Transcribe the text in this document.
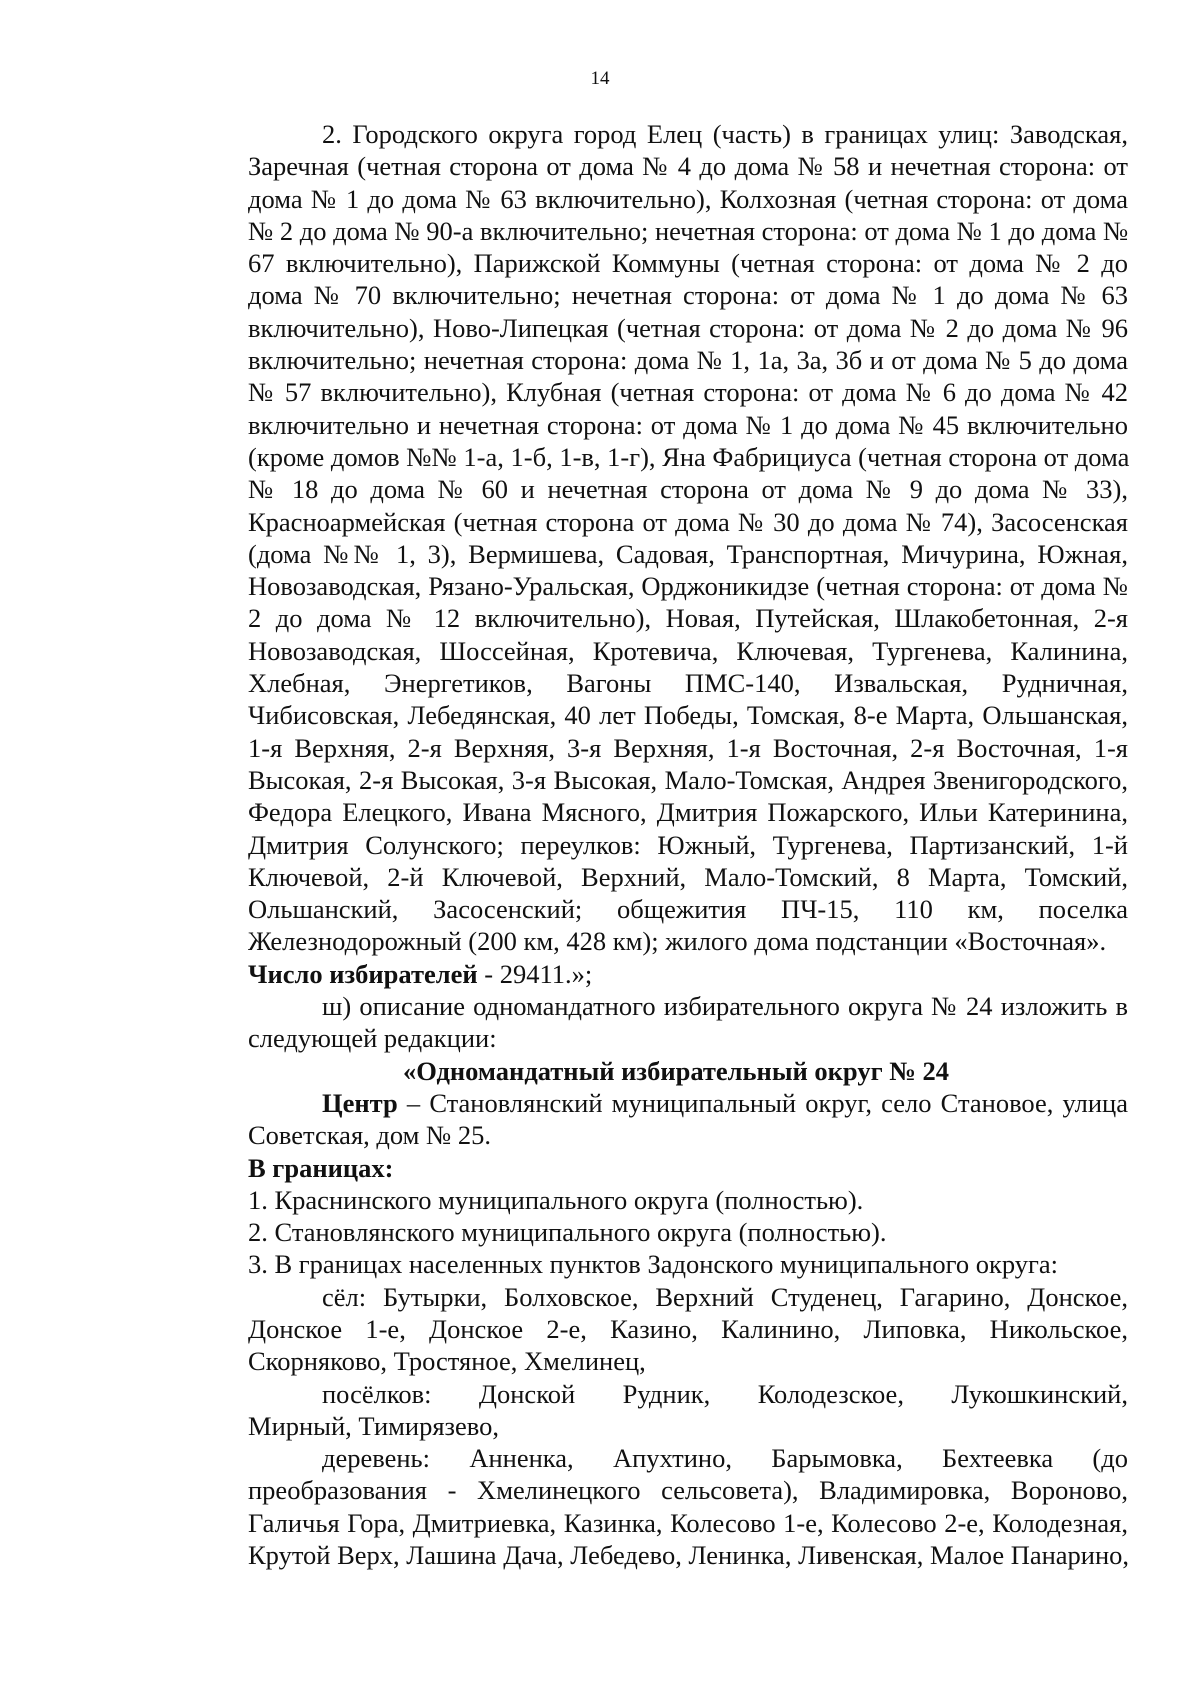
14
2. Городского округа город Елец (часть) в границах улиц: Заводская,
Заречная (четная сторона от дома № 4 до дома № 58 и нечетная сторона: от
дома № 1 до дома № 63 включительно), Колхозная (четная сторона: от дома
№ 2 до дома № 90-а включительно; нечетная сторона: от дома № 1 до дома №
67 включительно), Парижской Коммуны (четная сторона: от дома № 2 до
дома № 70 включительно; нечетная сторона: от дома № 1 до дома № 63
включительно), Ново-Липецкая (четная сторона: от дома № 2 до дома № 96
включительно; нечетная сторона: дома № 1, 1а, 3а, 3б и от дома № 5 до дома
№ 57 включительно), Клубная (четная сторона: от дома № 6 до дома № 42
включительно и нечетная сторона: от дома № 1 до дома № 45 включительно
(кроме домов №№ 1-а, 1-б, 1-в, 1-г), Яна Фабрициуса (четная сторона от дома
№ 18 до дома № 60 и нечетная сторона от дома № 9 до дома № 33),
Красноармейская (четная сторона от дома № 30 до дома № 74), Засосенская
(дома №№ 1, 3), Вермишева, Садовая, Транспортная, Мичурина, Южная,
Новозаводская, Рязано-Уральская, Орджоникидзе (четная сторона: от дома №
2 до дома № 12 включительно), Новая, Путейская, Шлакобетонная, 2-я
Новозаводская, Шоссейная, Кротевича, Ключевая, Тургенева, Калинина,
Хлебная, Энергетиков, Вагоны ПМС-140, Извальская, Рудничная,
Чибисовская, Лебедянская, 40 лет Победы, Томская, 8-е Марта, Ольшанская,
1-я Верхняя, 2-я Верхняя, 3-я Верхняя, 1-я Восточная, 2-я Восточная, 1-я
Высокая, 2-я Высокая, 3-я Высокая, Мало-Томская, Андрея Звенигородского,
Федора Елецкого, Ивана Мясного, Дмитрия Пожарского, Ильи Катеринина,
Дмитрия Солунского; переулков: Южный, Тургенева, Партизанский, 1-й
Ключевой, 2-й Ключевой, Верхний, Мало-Томский, 8 Марта, Томский,
Ольшанский, Засосенский; общежития ПЧ-15, 110 км, поселка
Железнодорожный (200 км, 428 км); жилого дома подстанции «Восточная».
Число избирателей - 29411.»;
ш) описание одномандатного избирательного округа № 24 изложить в
следующей редакции:
«Одномандатный избирательный округ № 24
Центр – Становлянский муниципальный округ, село Становое, улица
Советская, дом № 25.
В границах:
1. Краснинского муниципального округа (полностью).
2. Становлянского муниципального округа (полностью).
3. В границах населенных пунктов Задонского муниципального округа:
сёл: Бутырки, Болховское, Верхний Студенец, Гагарино, Донское,
Донское 1-е, Донское 2-е, Казино, Калинино, Липовка, Никольское,
Скорняково, Тростяное, Хмелинец,
посёлков: Донской Рудник, Колодезское, Лукошкинский,
Мирный, Тимирязево,
деревень: Анненка, Апухтино, Барымовка, Бехтеевка (до
преобразования - Хмелинецкого сельсовета), Владимировка, Вороново,
Галичья Гора, Дмитриевка, Казинка, Колесово 1-е, Колесово 2-е, Колодезная,
Крутой Верх, Лашина Дача, Лебедево, Ленинка, Ливенская, Малое Панарино,
